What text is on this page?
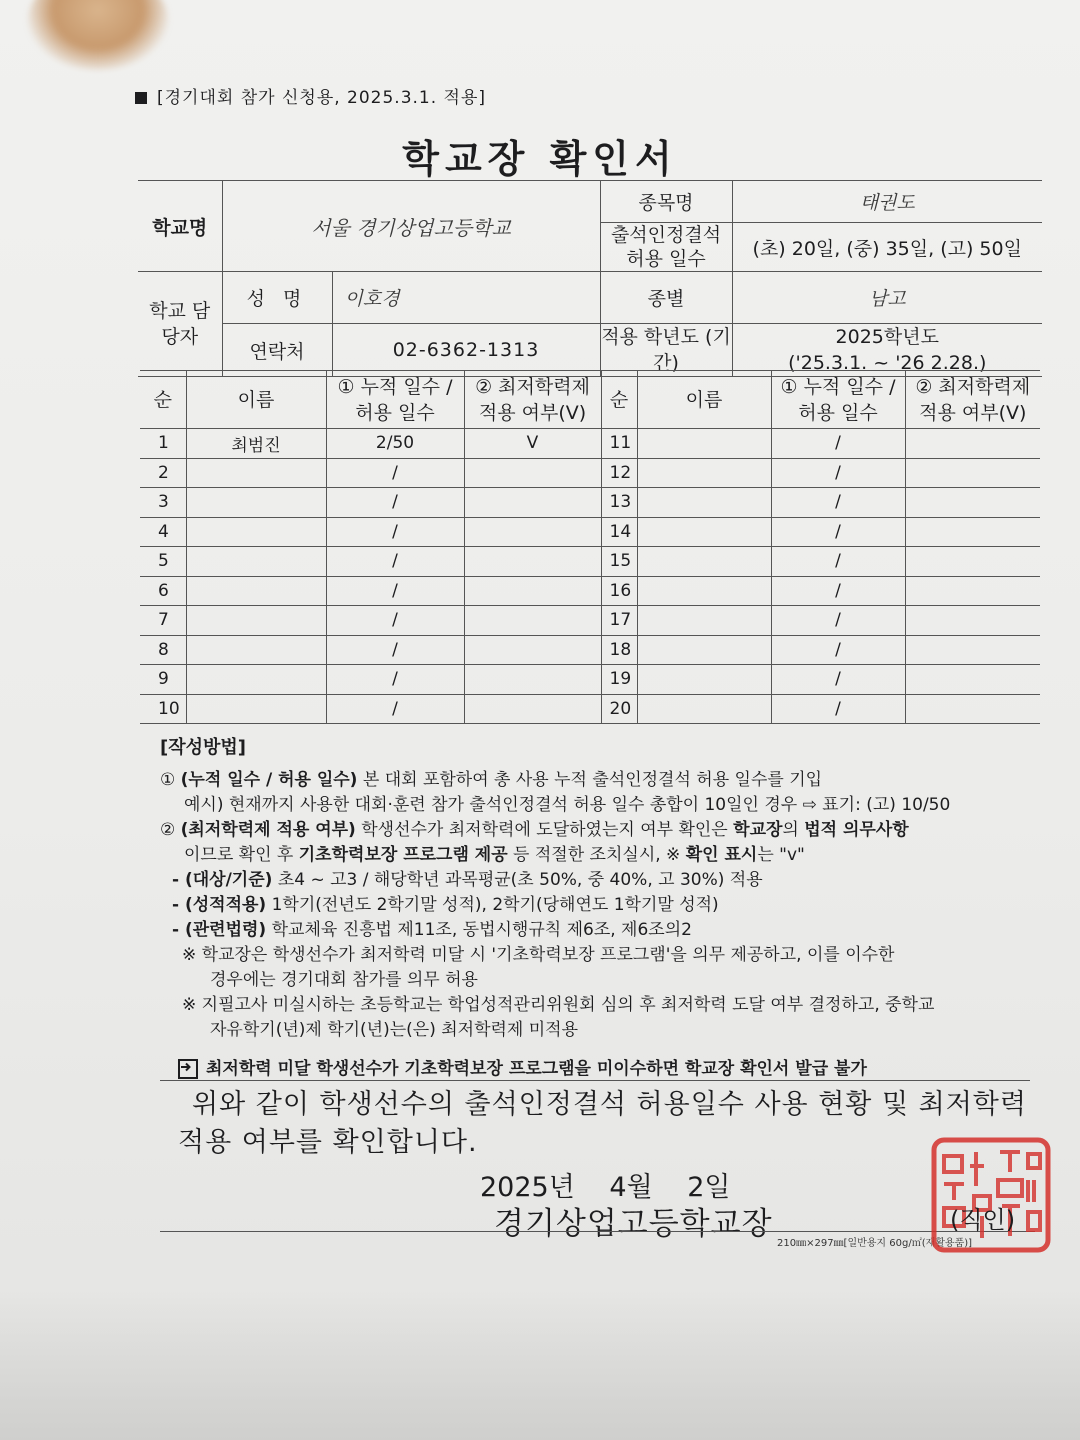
[경기대회 참가 신청용, 2025.3.1. 적용]
학교장 확인서
학교명	서울 경기상업고등학교		종목명	태권도
			출석인정결석 허용 일수	(초) 20일, (중) 35일, (고) 50일
학교 담당자	성 명	이호경	종별	남고
	연락처	02-6362-1313	적용 학년도 (기간)	2025학년도
('25.3.1. ~ '26 2.28.)
순	이름	① 누적 일수 / 허용 일수	② 최저학력제 적용 여부(V)	순	이름	① 누적 일수 / 허용 일수	② 최저학력제 적용 여부(V)
1	최범진	2/50	V	11		/	
2		/		12		/	
3		/		13		/	
4		/		14		/	
5		/		15		/	
6		/		16		/	
7		/		17		/	
8		/		18		/	
9		/		19		/	
10		/		20		/	
[작성방법]
① (누적 일수 / 허용 일수) 본 대회 포함하여 총 사용 누적 출석인정결석 허용 일수를 기입
예시) 현재까지 사용한 대회·훈련 참가 출석인정결석 허용 일수 총합이 10일인 경우 ⇨ 표기: (고) 10/50
② (최저학력제 적용 여부) 학생선수가 최저학력에 도달하였는지 여부 확인은 학교장의 법적 의무사항
이므로 확인 후 기초학력보장 프로그램 제공 등 적절한 조치실시, ※ 확인 표시는 "v"
- (대상/기준) 초4 ~ 고3 / 해당학년 과목평균(초 50%, 중 40%, 고 30%) 적용
- (성적적용) 1학기(전년도 2학기말 성적), 2학기(당해연도 1학기말 성적)
- (관련법령) 학교체육 진흥법 제11조, 동법시행규칙 제6조, 제6조의2
※ 학교장은 학생선수가 최저학력 미달 시 '기초학력보장 프로그램'을 의무 제공하고, 이를 이수한
경우에는 경기대회 참가를 의무 허용
※ 지필고사 미실시하는 초등학교는 학업성적관리위원회 심의 후 최저학력 도달 여부 결정하고, 중학교
자유학기(년)제 학기(년)는(은) 최저학력제 미적용
최저학력 미달 학생선수가 기초학력보장 프로그램을 미이수하면 학교장 확인서 발급 불가
위와 같이 학생선수의 출석인정결석 허용일수 사용 현황 및 최저학력
적용 여부를 확인합니다.
2025년 4월 2일
경기상업고등학교장
210㎜×297㎜[일반용지 60g/㎡(재활용품)]
(직인)
